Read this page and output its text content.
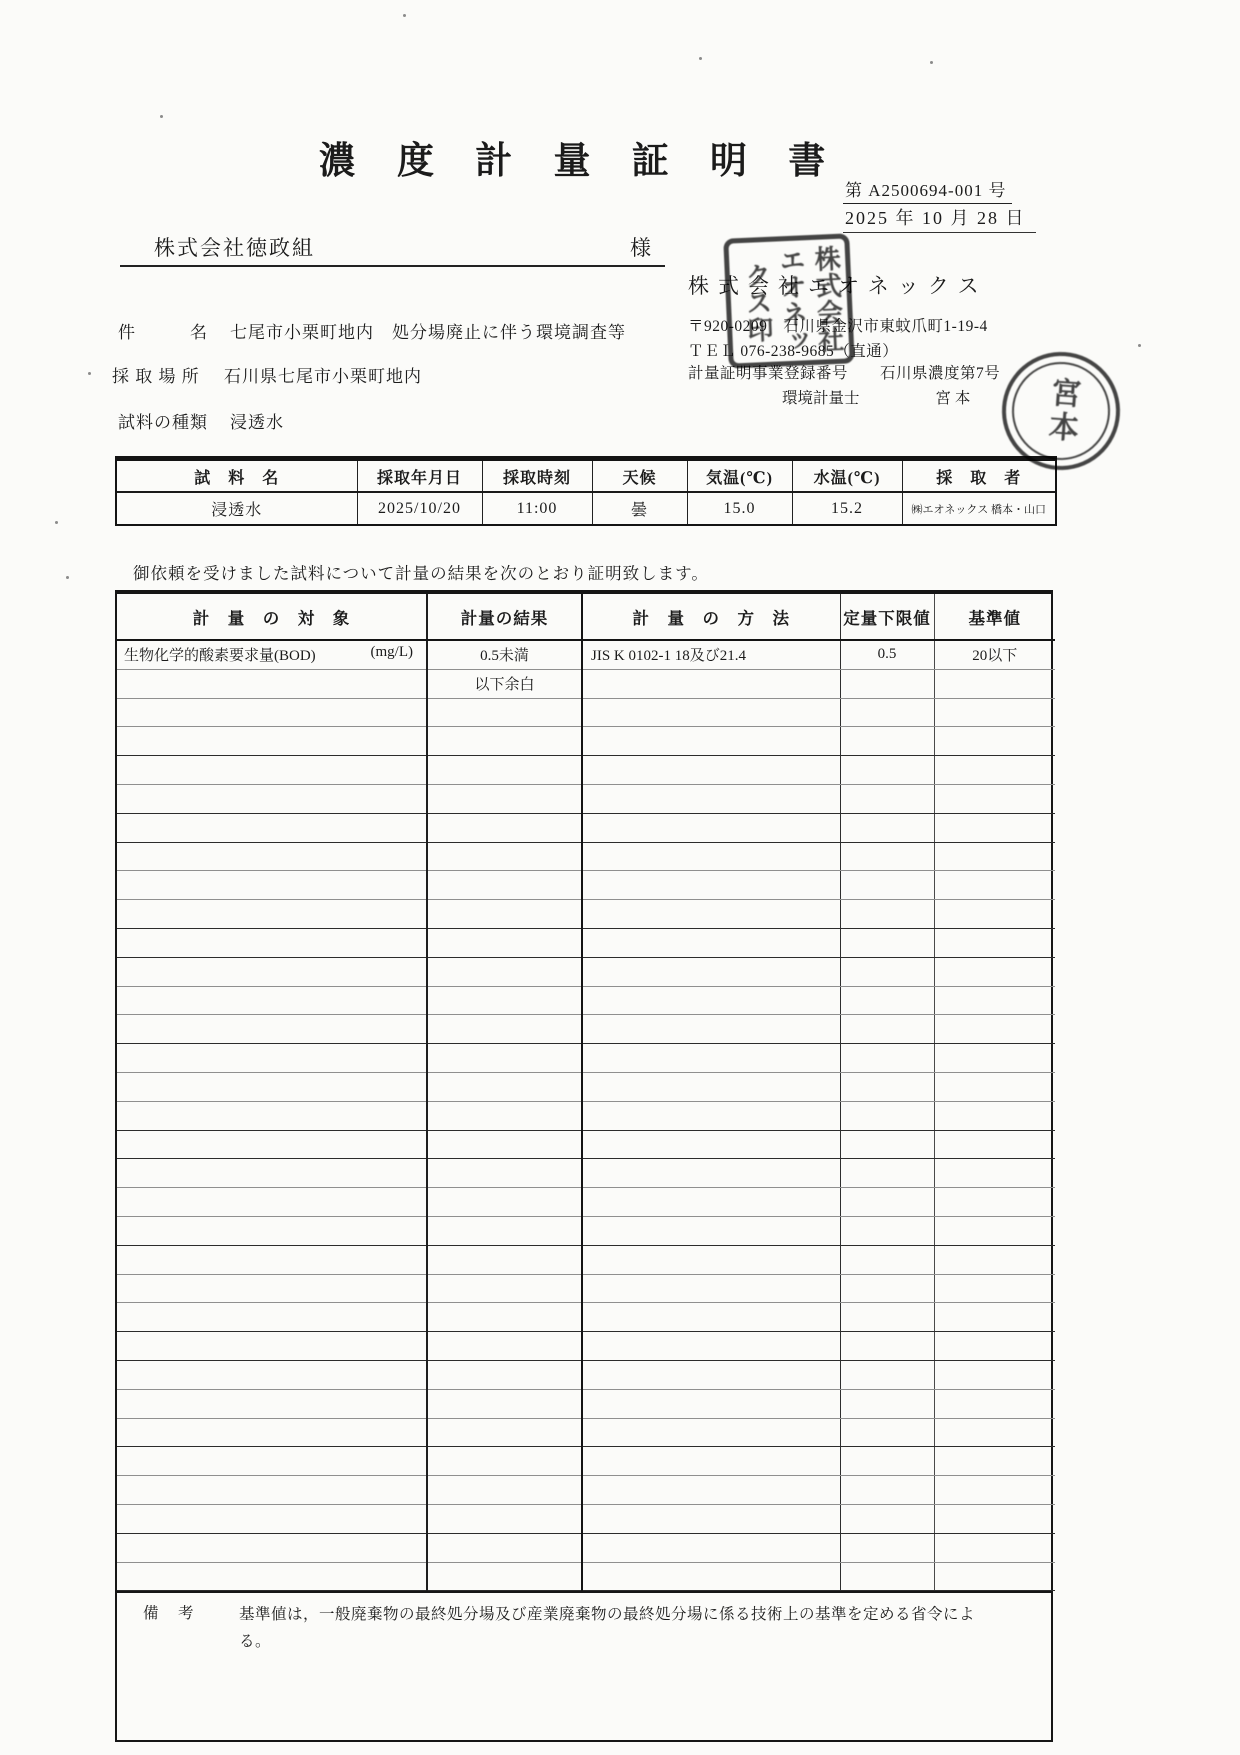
濃 度 計 量 証 明 書
第 A2500694-001 号
2025 年 10 月 28 日
株式会社徳政組	様
件　　　名	七尾市小栗町地内　処分場廃止に伴う環境調査等
採 取 場 所	石川県七尾市小栗町地内
試料の種類	浸透水
株式会社エオネックス
〒920-0209　石川県金沢市東蚊爪町1-19-4
ＴＥＬ 076-238-9685（直通）
計量証明事業登録番号　　石川県濃度第7号
環境計量士	宮本
株式会社エオネックス印
宮本
試　料　名	採取年月日	採取時刻	天候	気温(℃)	水温(℃)	採　取　者
浸透水	2025/10/20	11:00	曇	15.0	15.2	㈱エオネックス 橋本・山口
御依頼を受けました試料について計量の結果を次のとおり証明致します。
計　量　の　対　象	計量の結果	計　量　の　方　法	定量下限値	基準値

(mg/L)
生物化学的酸素要求量(BOD)	0.5未満	JIS K 0102-1 18及び21.4	0.5	20以下

	以下余白			

備　考	基準値は，一般廃棄物の最終処分場及び産業廃棄物の最終処分場に係る技術上の基準を定める省令による。
